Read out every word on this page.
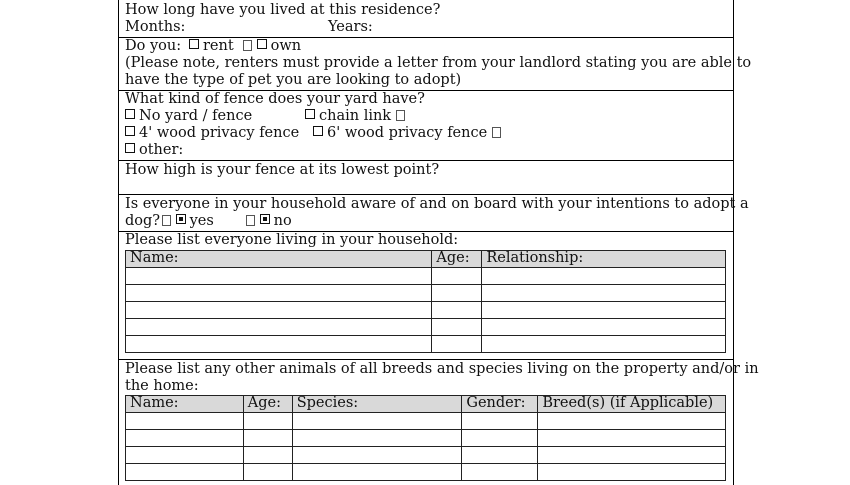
How long have you lived at this residence?
Months:	Years:
Do you:	rent	own
(Please note, renters must provide a letter from your landlord stating you are able to
have the type of pet you are looking to adopt)
What kind of fence does your yard have?
No yard / fence	chain link
4' wood privacy fence	6' wood privacy fence
other:
How high is your fence at its lowest point?
Is everyone in your household aware of and on board with your intentions to adopt a
dog?	yes	no
Please list everyone living in your household:
Name:	Age:	Relationship:

Please list any other animals of all breeds and species living on the property and/or in
the home:
Name:	Age:	Species:	Gender:	Breed(s) (if Applicable)
